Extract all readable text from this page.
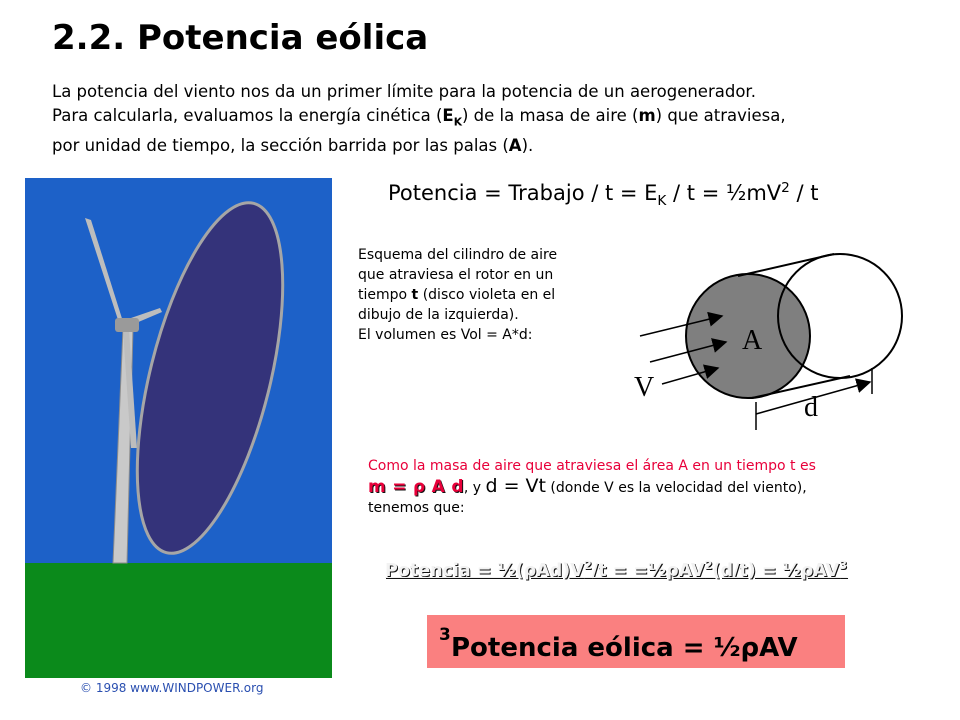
2.2. Potencia eólica

La potencia del viento nos da un primer límite para la potencia de un aerogenerador.

Para calcularla, evaluamos la energía cinética $(E_K)$ de la masa de aire (m) que atraviesa,

por unidad de tiempo, la sección barrida por las palas (A).

Potencia = Trabajo / $t = E_K / t$ = $\frac{1}{2}mV^2$ / t

Esquema del cilindro de aire

que atraviesa el rotor en un

tiempo t (disco violeta en el

dibujo de la izquierda).

El volumen es Vol = A*d:	A
V
d

Como la masa de aire que atraviesa el área A en un tiempo t es

m = ρ A d, y d = Vt (donde V es la velocidad del viento),

tenemos que:

Potencia = $\frac{1}{2}(\rho Ad)V^2/t$ = =½ρAV$^2$(d/t) = ½ρAV$^3$
Potencia eólica = ½ρAV
$^3$
© 1998 www.WINDPOWER.org
